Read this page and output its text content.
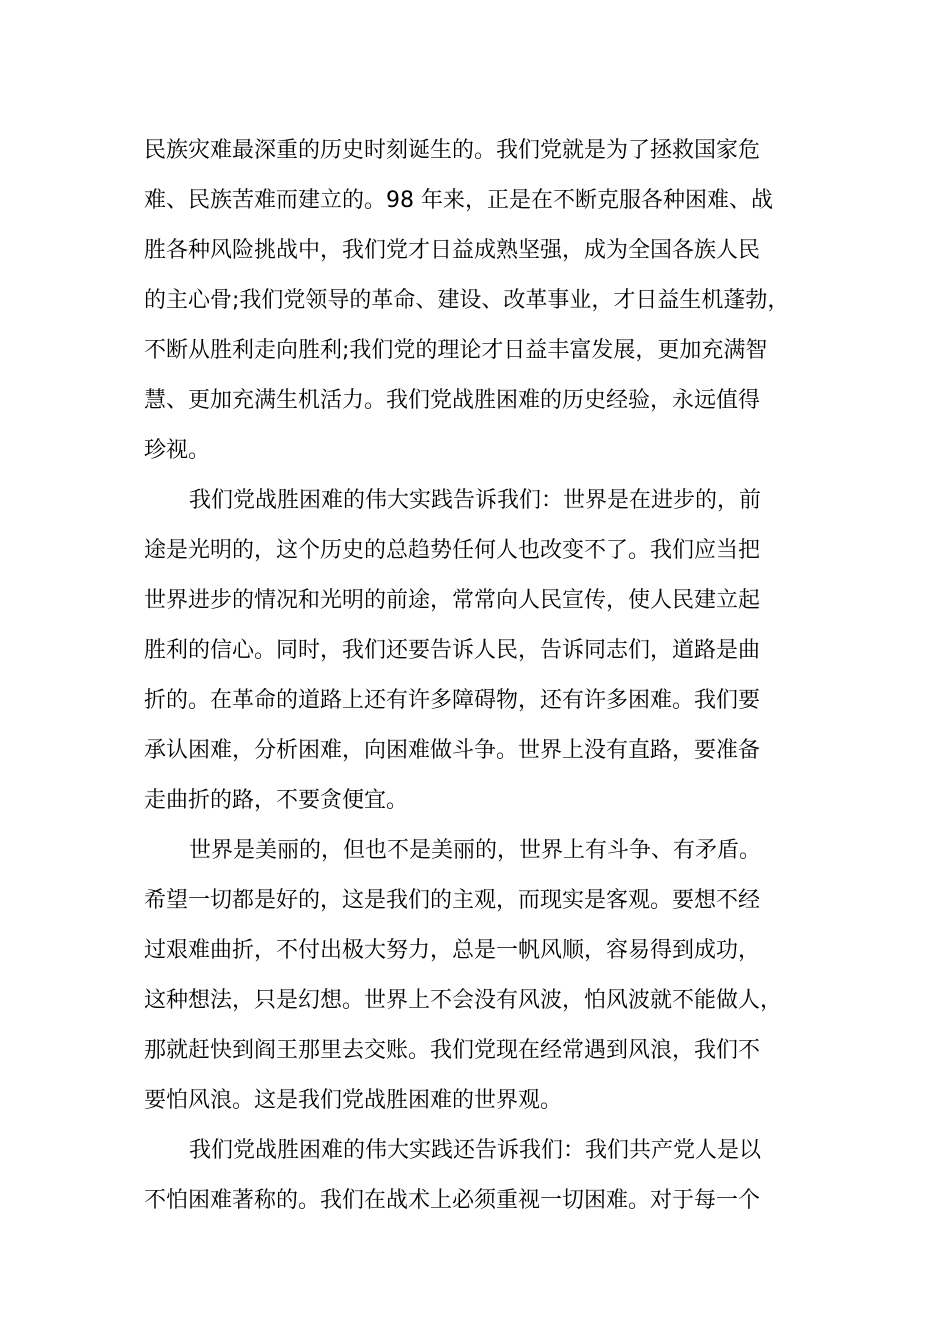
民族灾难最深重的历史时刻诞生的。我们党就是为了拯救国家危
难、民族苦难而建立的。98 年来，正是在不断克服各种困难、战
胜各种风险挑战中，我们党才日益成熟坚强，成为全国各族人民
的主心骨;我们党领导的革命、建设、改革事业，才日益生机蓬勃，
不断从胜利走向胜利;我们党的理论才日益丰富发展，更加充满智
慧、更加充满生机活力。我们党战胜困难的历史经验，永远值得
珍视。
我们党战胜困难的伟大实践告诉我们：世界是在进步的，前
途是光明的，这个历史的总趋势任何人也改变不了。我们应当把
世界进步的情况和光明的前途，常常向人民宣传，使人民建立起
胜利的信心。同时，我们还要告诉人民，告诉同志们，道路是曲
折的。在革命的道路上还有许多障碍物，还有许多困难。我们要
承认困难，分析困难，向困难做斗争。世界上没有直路，要准备
走曲折的路，不要贪便宜。
世界是美丽的，但也不是美丽的，世界上有斗争、有矛盾。
希望一切都是好的，这是我们的主观，而现实是客观。要想不经
过艰难曲折，不付出极大努力，总是一帆风顺，容易得到成功，
这种想法，只是幻想。世界上不会没有风波，怕风波就不能做人，
那就赶快到阎王那里去交账。我们党现在经常遇到风浪，我们不
要怕风浪。这是我们党战胜困难的世界观。
我们党战胜困难的伟大实践还告诉我们：我们共产党人是以
不怕困难著称的。我们在战术上必须重视一切困难。对于每一个
